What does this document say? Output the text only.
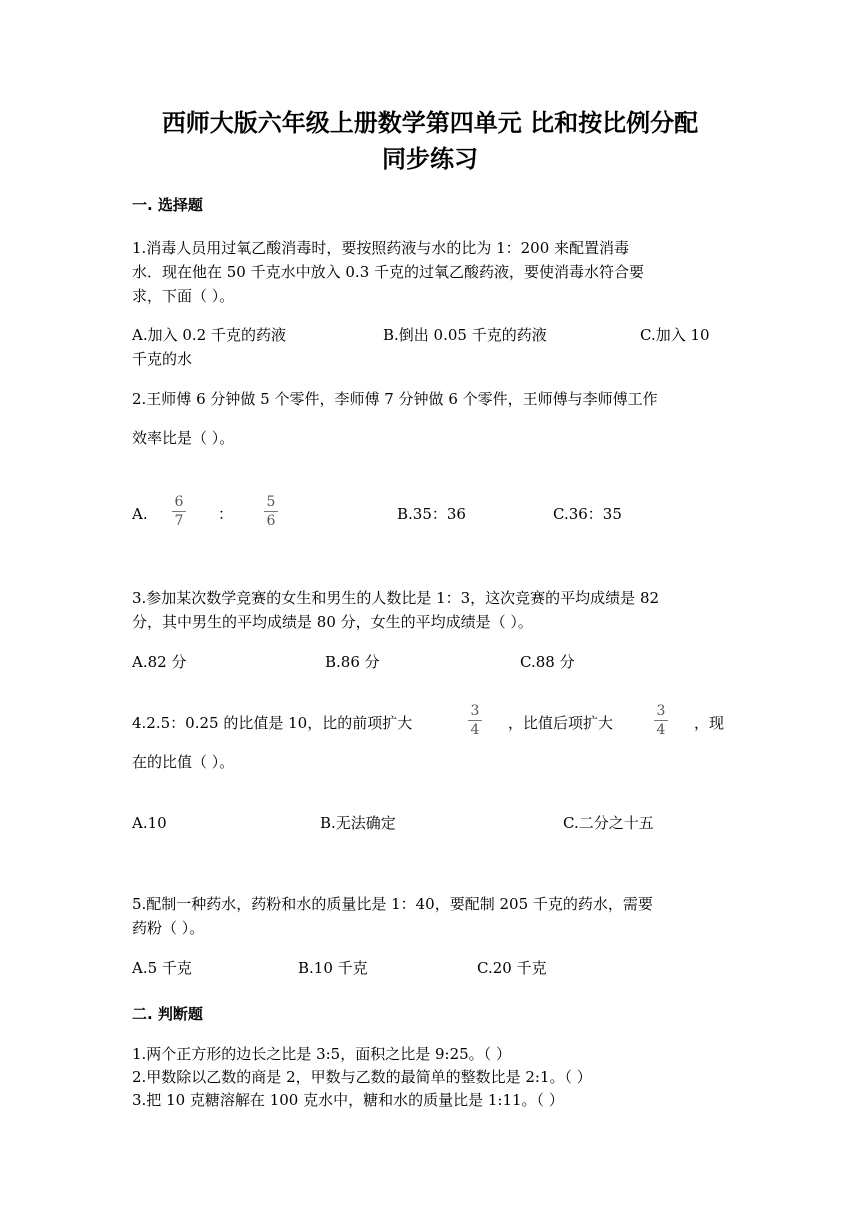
西师大版六年级上册数学第四单元 比和按比例分配
同步练习
一. 选择题
1.消毒人员用过氧乙酸消毒时，要按照药液与水的比为 1：200 来配置消毒
水．现在他在 50 千克水中放入 0.3 千克的过氧乙酸药液，要使消毒水符合要
求，下面（ ）。
A.加入 0.2 千克的药液	B.倒出 0.05 千克的药液	C.加入 10
千克的水
2.王师傅 6 分钟做 5 个零件，李师傅 7 分钟做 6 个零件，王师傅与李师傅工作
效率比是（ ）。
A.
6
7	：
5
6	B.35：36	C.36：35
3.参加某次数学竞赛的女生和男生的人数比是 1：3，这次竞赛的平均成绩是 82
分，其中男生的平均成绩是 80 分，女生的平均成绩是（ ）。
A.82 分	B.86 分	C.88 分
4.2.5：0.25 的比值是 10，比的前项扩大
3
4	，比值后项扩大
3
4	，现
在的比值（ ）。
A.10	B.无法确定	C.二分之十五
5.配制一种药水，药粉和水的质量比是 1：40，要配制 205 千克的药水，需要
药粉（ ）。
A.5 千克	B.10 千克	C.20 千克
二. 判断题
1.两个正方形的边长之比是 3:5，面积之比是 9:25。（ ）
2.甲数除以乙数的商是 2，甲数与乙数的最简单的整数比是 2:1。（ ）
3.把 10 克糖溶解在 100 克水中，糖和水的质量比是 1:11。（ ）
